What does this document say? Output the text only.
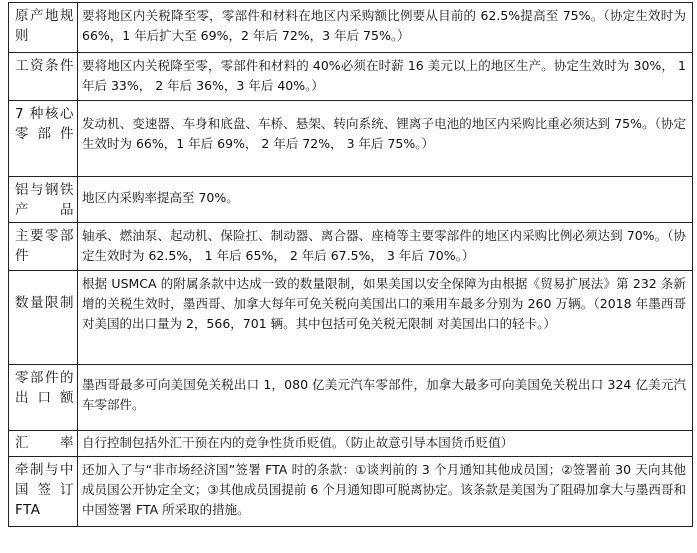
原产地规则	要将地区内关税降至零，零部件和材料在地区内采购额比例要从目前的 62.5%提高至 75%。（协定生效时为 66%，1 年后扩大至 69%，2 年后 72%，3 年后 75%。）

工资条件	要将地区内关税降至零，零部件和材料的 40%必须在时薪 16 美元以上的地区生产。协定生效时为 30%， 1 年后 33%， 2 年后 36%，3 年后 40%。）

7 种核心零部件	发动机、变速器、车身和底盘、车桥、悬架、转向系统、锂离子电池的地区内采购比重必须达到 75%。（协定生效时为 66%，1 年后 69%， 2 年后 72%， 3 年后 75%。）

铝与钢铁产品	地区内采购率提高至 70%。

主要零部件	轴承、燃油泵、起动机、保险扛、制动器、离合器、座椅等主要零部件的地区内采购比例必须达到 70%。（协定生效时为 62.5%， 1 年后 65%， 2 年后 67.5%， 3 年后 70%。）

数量限制	根据 USMCA 的附属条款中达成一致的数量限制，如果美国以安全保障为由根据《贸易扩展法》第 232 条新增的关税生效时，墨西哥、加拿大每年可免关税向美国出口的乘用车最多分别为 260 万辆。（2018 年墨西哥对美国的出口量为 2，566，701 辆。其中包括可免关税无限制 对美国出口的轻卡。）

零部件的出口额	墨西哥最多可向美国免关税出口 1，080 亿美元汽车零部件，加拿大最多可向美国免关税出口 324 亿美元汽车零部件。

汇率	自行控制包括外汇干预在内的竞争性货币贬值。（防止故意引导本国货币贬值）

牵制与中国签订 FTA	还加入了与“非市场经济国”签署 FTA 时的条款：①谈判前的 3 个月通知其他成员国；②签署前 30 天向其他成员国公开协定全文；③其他成员国提前 6 个月通知即可脱离协定。该条款是美国为了阻碍加拿大与墨西哥和中国签署 FTA 所采取的措施。
